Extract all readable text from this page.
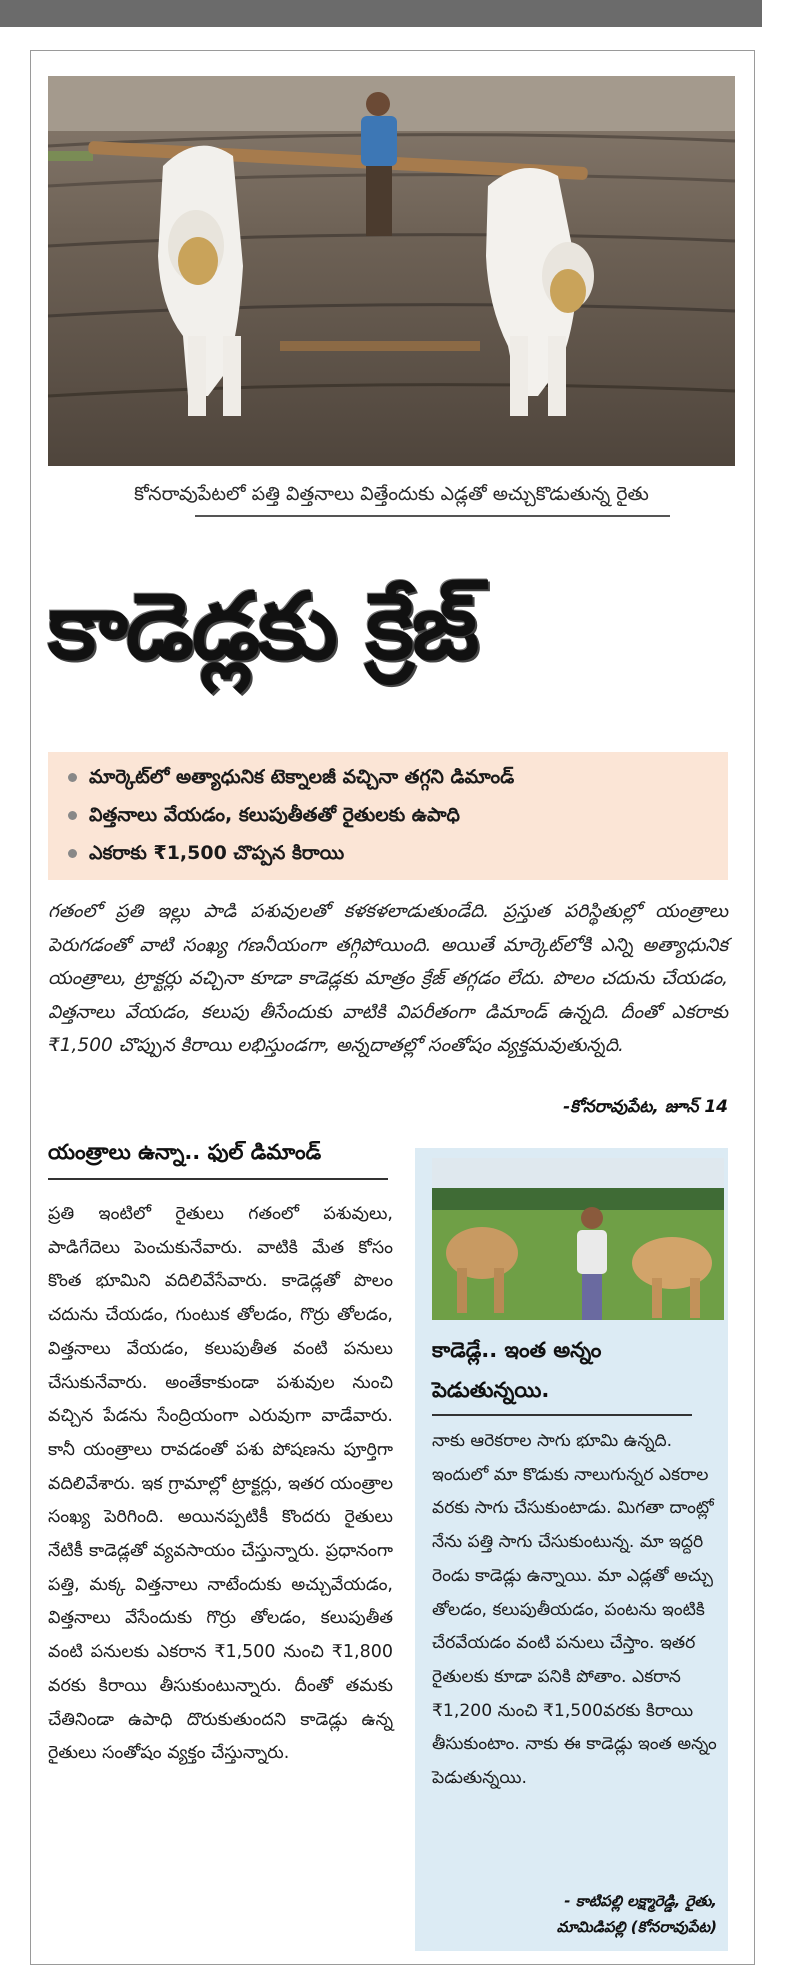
కోనరావుపేటలో పత్తి విత్తనాలు విత్తేందుకు ఎడ్లతో అచ్చుకొడుతున్న రైతు
కాడెడ్లకు క్రేజ్
మార్కెట్‌లో అత్యాధునిక టెక్నాలజీ వచ్చినా తగ్గని డిమాండ్
విత్తనాలు వేయడం, కలుపుతీతతో రైతులకు ఉపాధి
ఎకరాకు ₹1,500 చొప్పన కిరాయి
గతంలో ప్రతి ఇల్లు పాడి పశువులతో కళకళలాడుతుండేది. ప్రస్తుత పరిస్థితుల్లో యంత్రాలు పెరుగడంతో వాటి సంఖ్య గణనీయంగా తగ్గిపోయింది. అయితే మార్కెట్‌లోకి ఎన్ని అత్యాధునిక యంత్రాలు, ట్రాక్టర్లు వచ్చినా కూడా కాడెడ్లకు మాత్రం క్రేజ్ తగ్గడం లేదు. పొలం చదును చేయడం, విత్తనాలు వేయడం, కలుపు తీసేందుకు వాటికి విపరీతంగా డిమాండ్ ఉన్నది. దీంతో ఎకరాకు ₹1,500 చొప్పున కిరాయి లభిస్తుండగా, అన్నదాతల్లో సంతోషం వ్యక్తమవుతున్నది.
-కోనరావుపేట, జూన్ 14
యంత్రాలు ఉన్నా.. ఫుల్ డిమాండ్
ప్రతి ఇంటిలో రైతులు గతంలో పశువులు, పాడిగేదెలు పెంచుకునేవారు. వాటికి మేత కోసం కొంత భూమిని వదిలివేసేవారు. కాడెడ్లతో పొలం చదును చేయడం, గుంటుక తోలడం, గొర్రు తోలడం, విత్తనాలు వేయడం, కలుపుతీత వంటి పనులు చేసుకునేవారు. అంతేకాకుండా పశువుల నుంచి వచ్చిన పేడను సేంద్రియంగా ఎరువుగా వాడేవారు. కానీ యంత్రాలు రావడంతో పశు పోషణను పూర్తిగా వదిలివేశారు. ఇక గ్రామాల్లో ట్రాక్టర్లు, ఇతర యంత్రాల సంఖ్య పెరిగింది. అయినప్పటికీ కొందరు రైతులు నేటికీ కాడెడ్లతో వ్యవసాయం చేస్తున్నారు. ప్రధానంగా పత్తి, మక్క విత్తనాలు నాటేందుకు అచ్చువేయడం, విత్తనాలు వేసేందుకు గొర్రు తోలడం, కలుపుతీత వంటి పనులకు ఎకరాన ₹1,500 నుంచి ₹1,800 వరకు కిరాయి తీసుకుంటున్నారు. దీంతో తమకు చేతినిండా ఉపాధి దొరుకుతుందని కాడెడ్లు ఉన్న రైతులు సంతోషం వ్యక్తం చేస్తున్నారు.
కాడెడ్లే.. ఇంత అన్నం పెడుతున్నయి.
నాకు ఆరెకరాల సాగు భూమి ఉన్నది. ఇందులో మా కొడుకు నాలుగున్నర ఎకరాల వరకు సాగు చేసుకుంటాడు. మిగతా దాంట్లో నేను పత్తి సాగు చేసుకుంటున్న. మా ఇద్దరి రెండు కాడెడ్లు ఉన్నాయి. మా ఎడ్లతో అచ్చు తోలడం, కలుపుతీయడం, పంటను ఇంటికి చేరవేయడం వంటి పనులు చేస్తాం. ఇతర రైతులకు కూడా పనికి పోతాం. ఎకరాన ₹1,200 నుంచి ₹1,500వరకు కిరాయి తీసుకుంటాం. నాకు ఈ కాడెడ్లు ఇంత అన్నం పెడుతున్నయి.
- కాటిపల్లి లక్ష్మారెడ్డి, రైతు,
మామిడిపల్లి (కోనరావుపేట)
